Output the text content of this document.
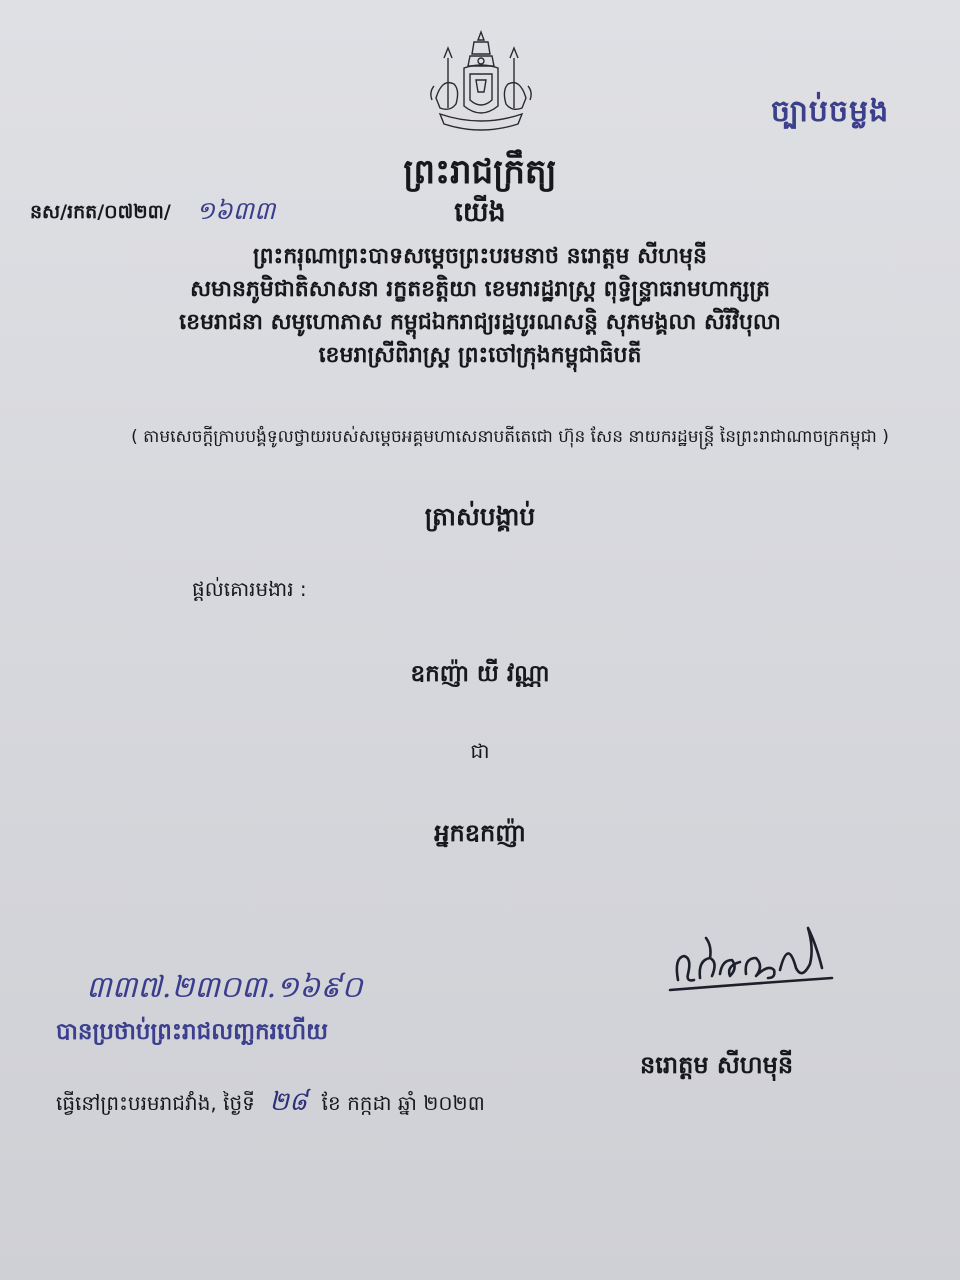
ច្បាប់ចម្លង
ព្រះរាជក្រឹត្យ
នស/រកត/០៧២៣/ ១៦៣៣	យើង
ព្រះករុណាព្រះបាទសម្តេចព្រះបរមនាថ នរោត្តម សីហមុនី
សមានភូមិជាតិសាសនា រក្ខតខត្តិយា ខេមរារដ្ឋរាស្ត្រ ពុទ្ធិន្ទ្រាធរាមហាក្សត្រ
ខេមរាជនា សមូហោភាស កម្ពុជឯករាជ្យរដ្ឋបូរណសន្តិ សុភមង្គលា សិរីវិបុលា
ខេមរាស្រីពិរាស្ត្រ ព្រះចៅក្រុងកម្ពុជាធិបតី
( តាមសេចក្តីក្រាបបង្គំទូលថ្វាយរបស់សម្តេចអគ្គមហាសេនាបតីតេជោ ហ៊ុន សែន នាយករដ្ឋមន្ត្រី នៃព្រះរាជាណាចក្រកម្ពុជា )
ត្រាស់បង្គាប់
ផ្តល់គោរមងារ :
ឧកញ៉ា យី វណ្ណា
ជា
អ្នកឧកញ៉ា
នរោត្តម សីហមុនី
៣៣៧.២៣០៣.១៦៩០
បានប្រថាប់ព្រះរាជលញ្ឆករហើយ
ធ្វើនៅព្រះបរមរាជវាំង, ថ្ងៃទី ២៨ ខែ កក្កដា ឆ្នាំ ២០២៣
